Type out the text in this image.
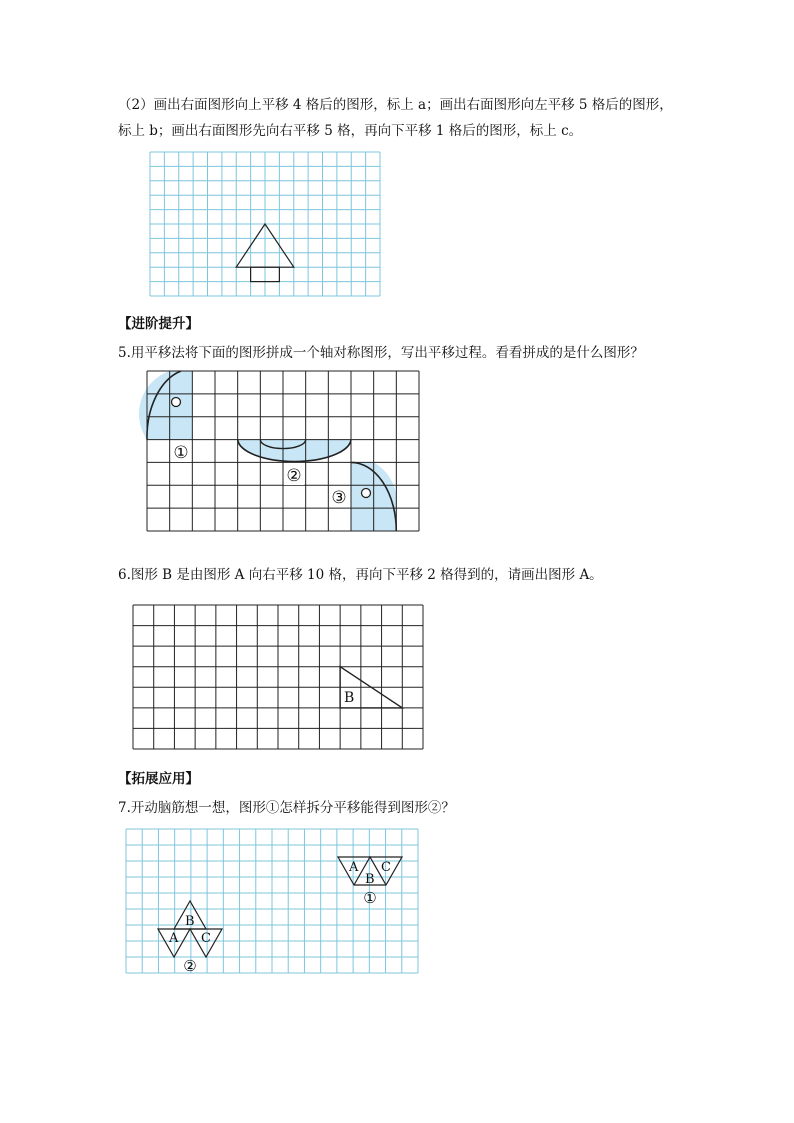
（2）画出右面图形向上平移 4 格后的图形，标上 a；画出右面图形向左平移 5 格后的图形，
标上 b；画出右面图形先向右平移 5 格，再向下平移 1 格后的图形，标上 c。
【进阶提升】
5.用平移法将下面的图形拼成一个轴对称图形，写出平移过程。看看拼成的是什么图形？
①
②
③
6.图形 B 是由图形 A 向右平移 10 格，再向下平移 2 格得到的，请画出图形 A。
B
【拓展应用】
7.开动脑筋想一想，图形①怎样拆分平移能得到图形②？
A
B
C
①
B
A C
②
